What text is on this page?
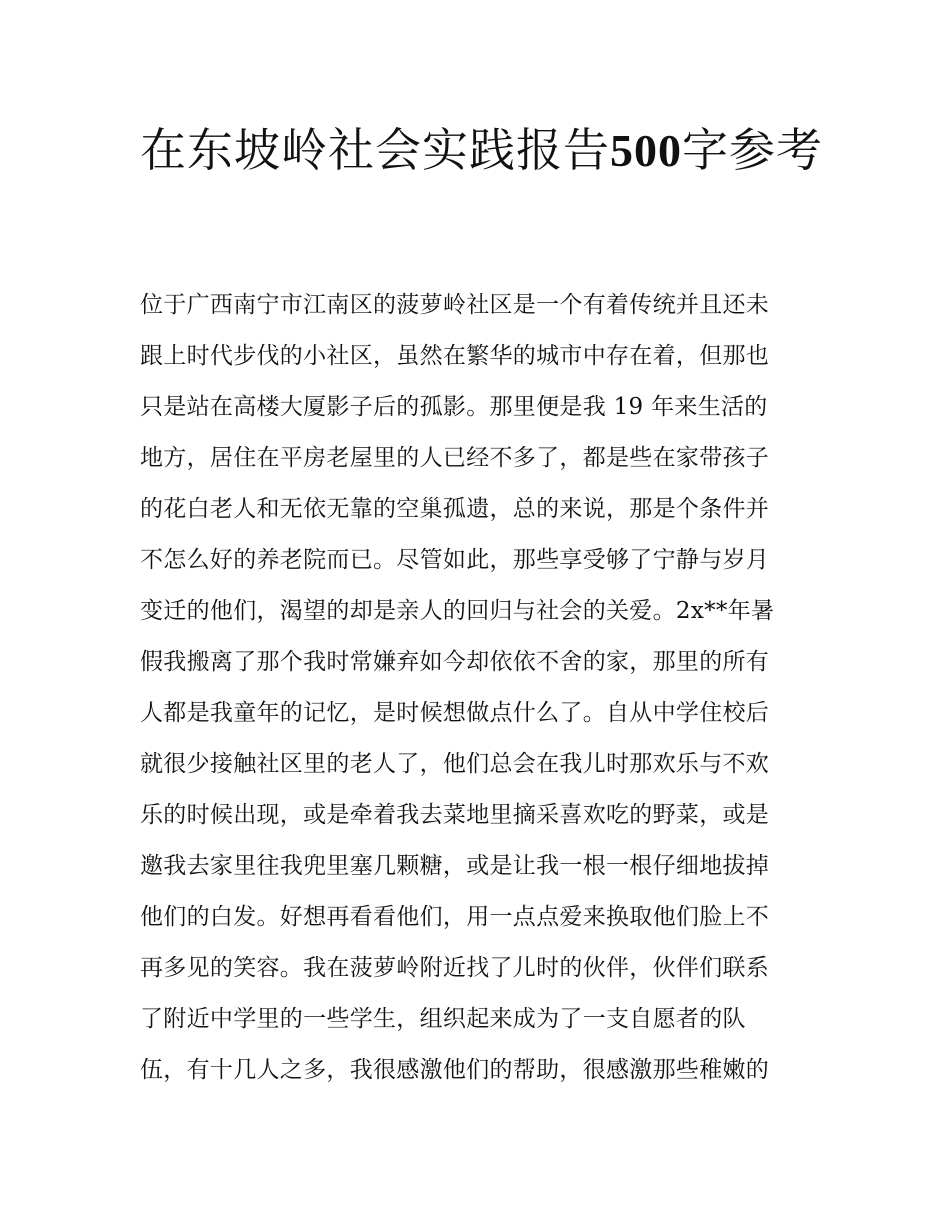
在东坡岭社会实践报告500字参考
位于广西南宁市江南区的菠萝岭社区是一个有着传统并且还未
跟上时代步伐的小社区，虽然在繁华的城市中存在着，但那也
只是站在高楼大厦影子后的孤影。那里便是我 19 年来生活的
地方，居住在平房老屋里的人已经不多了，都是些在家带孩子
的花白老人和无依无靠的空巢孤遗，总的来说，那是个条件并
不怎么好的养老院而已。尽管如此，那些享受够了宁静与岁月
变迁的他们，渴望的却是亲人的回归与社会的关爱。2x**年暑
假我搬离了那个我时常嫌弃如今却依依不舍的家，那里的所有
人都是我童年的记忆，是时候想做点什么了。自从中学住校后
就很少接触社区里的老人了，他们总会在我儿时那欢乐与不欢
乐的时候出现，或是牵着我去菜地里摘采喜欢吃的野菜，或是
邀我去家里往我兜里塞几颗糖，或是让我一根一根仔细地拔掉
他们的白发。好想再看看他们，用一点点爱来换取他们脸上不
再多见的笑容。我在菠萝岭附近找了儿时的伙伴，伙伴们联系
了附近中学里的一些学生，组织起来成为了一支自愿者的队
伍，有十几人之多，我很感激他们的帮助，很感激那些稚嫩的
